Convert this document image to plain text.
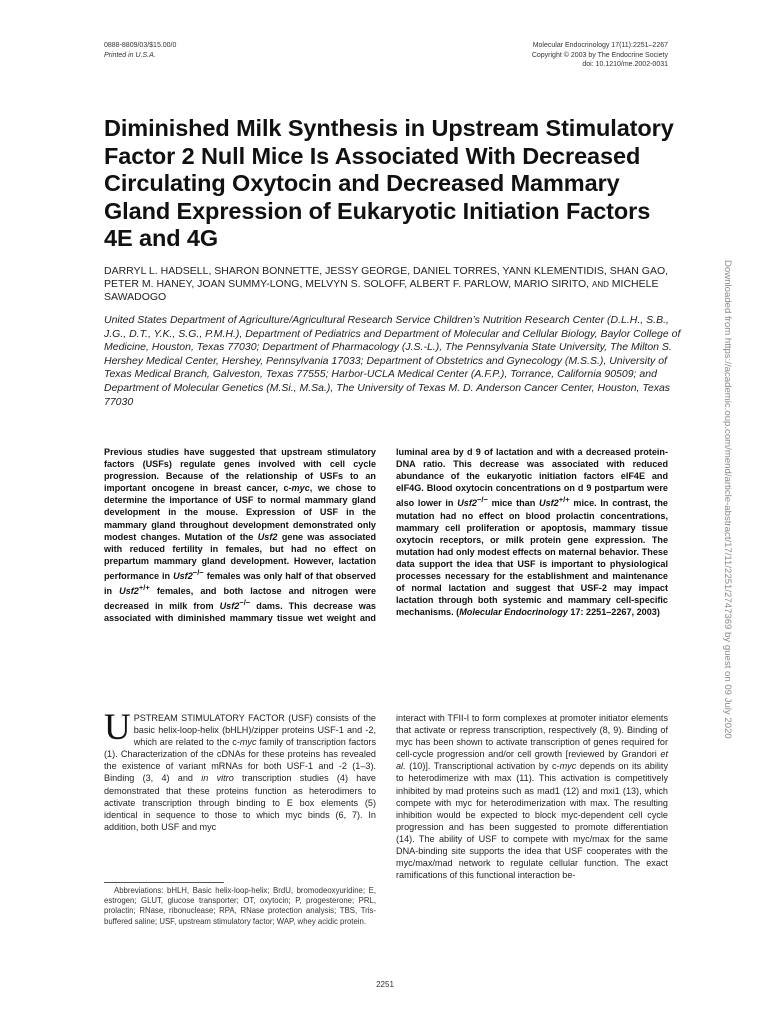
0888-8809/03/$15.00/0
Printed in U.S.A.
Molecular Endocrinology 17(11):2251–2267
Copyright © 2003 by The Endocrine Society
doi: 10.1210/me.2002-0031
Diminished Milk Synthesis in Upstream Stimulatory Factor 2 Null Mice Is Associated With Decreased Circulating Oxytocin and Decreased Mammary Gland Expression of Eukaryotic Initiation Factors 4E and 4G
DARRYL L. HADSELL, SHARON BONNETTE, JESSY GEORGE, DANIEL TORRES, YANN KLEMENTIDIS, SHAN GAO, PETER M. HANEY, JOAN SUMMY-LONG, MELVYN S. SOLOFF, ALBERT F. PARLOW, MARIO SIRITO, AND MICHELE SAWADOGO
United States Department of Agriculture/Agricultural Research Service Children’s Nutrition Research Center (D.L.H., S.B., J.G., D.T., Y.K., S.G., P.M.H.), Department of Pediatrics and Department of Molecular and Cellular Biology, Baylor College of Medicine, Houston, Texas 77030; Department of Pharmacology (J.S.-L.), The Pennsylvania State University, The Milton S. Hershey Medical Center, Hershey, Pennsylvania 17033; Department of Obstetrics and Gynecology (M.S.S.), University of Texas Medical Branch, Galveston, Texas 77555; Harbor-UCLA Medical Center (A.F.P.), Torrance, California 90509; and Department of Molecular Genetics (M.Si., M.Sa.), The University of Texas M. D. Anderson Cancer Center, Houston, Texas 77030
Previous studies have suggested that upstream stimulatory factors (USFs) regulate genes involved with cell cycle progression. Because of the relationship of USFs to an important oncogene in breast cancer, c-myc, we chose to determine the importance of USF to normal mammary gland development in the mouse. Expression of USF in the mammary gland throughout development demonstrated only modest changes. Mutation of the Usf2 gene was associated with reduced fertility in females, but had no effect on prepartum mammary gland development. However, lactation performance in Usf2−/− females was only half of that observed in Usf2+/+ females, and both lactose and nitrogen were decreased in milk from Usf2−/− dams. This decrease was associated with diminished mammary tissue wet weight and luminal area by d 9 of lactation and with a decreased protein-DNA ratio. This decrease was associated with reduced abundance of the eukaryotic initiation factors eIF4E and eIF4G. Blood oxytocin concentrations on d 9 postpartum were also lower in Usf2−/− mice than Usf2+/+ mice. In contrast, the mutation had no effect on blood prolactin concentrations, mammary cell proliferation or apoptosis, mammary tissue oxytocin receptors, or milk protein gene expression. The mutation had only modest effects on maternal behavior. These data support the idea that USF is important to physiological processes necessary for the establishment and maintenance of normal lactation and suggest that USF-2 may impact lactation through both systemic and mammary cell-specific mechanisms. (Molecular Endocrinology 17: 2251–2267, 2003)
UPSTREAM STIMULATORY FACTOR (USF) consists of the basic helix-loop-helix (bHLH)/zipper proteins USF-1 and -2, which are related to the c-myc family of transcription factors (1). Characterization of the cDNAs for these proteins has revealed the existence of variant mRNAs for both USF-1 and -2 (1–3). Binding (3, 4) and in vitro transcription studies (4) have demonstrated that these proteins function as heterodimers to activate transcription through binding to E box elements (5) identical in sequence to those to which myc binds (6, 7). In addition, both USF and myc
Abbreviations: bHLH, Basic helix-loop-helix; BrdU, bromodeoxyuridine; E, estrogen; GLUT, glucose transporter; OT, oxytocin; P, progesterone; PRL, prolactin; RNase, ribonuclease; RPA, RNase protection analysis; TBS, Tris-buffered saline; USF, upstream stimulatory factor; WAP, whey acidic protein.
interact with TFII-I to form complexes at promoter initiator elements that activate or repress transcription, respectively (8, 9). Binding of myc has been shown to activate transcription of genes required for cell-cycle progression and/or cell growth [reviewed by Grandori et al. (10)]. Transcriptional activation by c-myc depends on its ability to heterodimerize with max (11). This activation is competitively inhibited by mad proteins such as mad1 (12) and mxi1 (13), which compete with myc for heterodimerization with max. The resulting inhibition would be expected to block myc-dependent cell cycle progression and has been suggested to promote differentiation (14). The ability of USF to compete with myc/max for the same DNA-binding site supports the idea that USF cooperates with the myc/max/mad network to regulate cellular function. The exact ramifications of this functional interaction be-
2251
Downloaded from https://academic.oup.com/mend/article-abstract/17/11/2251/2747369 by guest on 09 July 2020
